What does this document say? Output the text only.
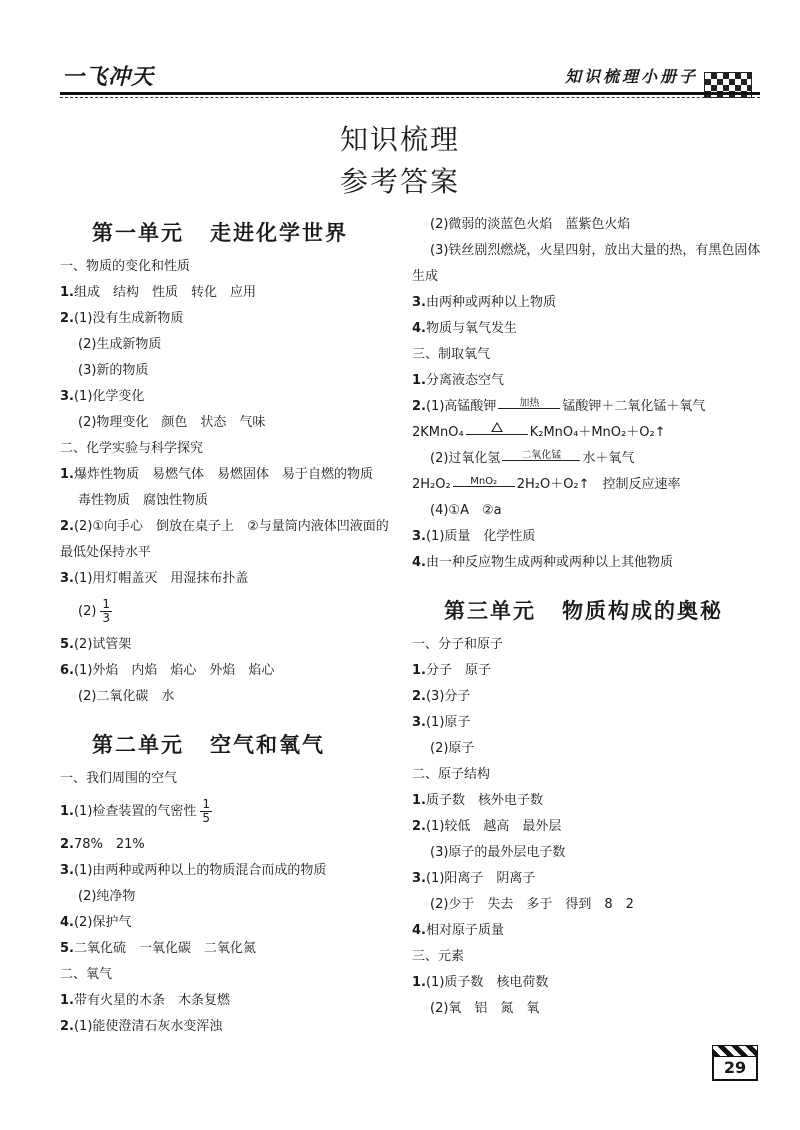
一飞冲天	知识梳理小册子
知识梳理
参考答案
第一单元 走进化学世界
一、物质的变化和性质
1.组成　结构　性质　转化　应用
2.(1)没有生成新物质
(2)生成新物质
(3)新的物质
3.(1)化学变化
(2)物理变化　颜色　状态　气味
二、化学实验与科学探究
1.爆炸性物质　易燃气体　易燃固体　易于自燃的物质
毒性物质　腐蚀性物质
2.(2)①向手心　倒放在桌子上　②与量筒内液体凹液面的
最低处保持水平
3.(1)用灯帽盖灭　用湿抹布扑盖
$(2) \frac{1}{3}$
5.(2)试管架
6.(1)外焰　内焰　焰心　外焰　焰心
(2)二氧化碳　水
第二单元 空气和氧气
一、我们周围的空气
1.(1)检查装置的气密性 $\frac{1}{5}$
2.78%　21%
3.(1)由两种或两种以上的物质混合而成的物质
(2)纯净物
4.(2)保护气
5.二氧化硫　一氧化碳　二氧化氮
二、氧气
1.带有火星的木条　木条复燃
2.(1)能使澄清石灰水变浑浊
(2)微弱的淡蓝色火焰　蓝紫色火焰
(3)铁丝剧烈燃烧，火星四射，放出大量的热，有黑色固体
生成
3.由两种或两种以上物质
4.物质与氧气发生
三、制取氧气
1.分离液态空气
2.(1)高锰酸钾	加热	锰酸钾＋二氧化锰＋氧气
2KMnO₄	K₂MnO₄＋MnO₂＋O₂↑
(2)过氧化氢	二氧化锰	水＋氧气
2H₂O₂	MnO₂	2H₂O＋O₂↑　控制反应速率
(4)①A　②a
3.(1)质量　化学性质
4.由一种反应物生成两种或两种以上其他物质
第三单元 物质构成的奥秘
一、分子和原子
1.分子　原子
2.(3)分子
3.(1)原子
(2)原子
二、原子结构
1.质子数　核外电子数
2.(1)较低　越高　最外层
(3)原子的最外层电子数
3.(1)阳离子　阴离子
(2)少于　失去　多于　得到　8　2
4.相对原子质量
三、元素
1.(1)质子数　核电荷数
(2)氧　铝　氮　氧
29
